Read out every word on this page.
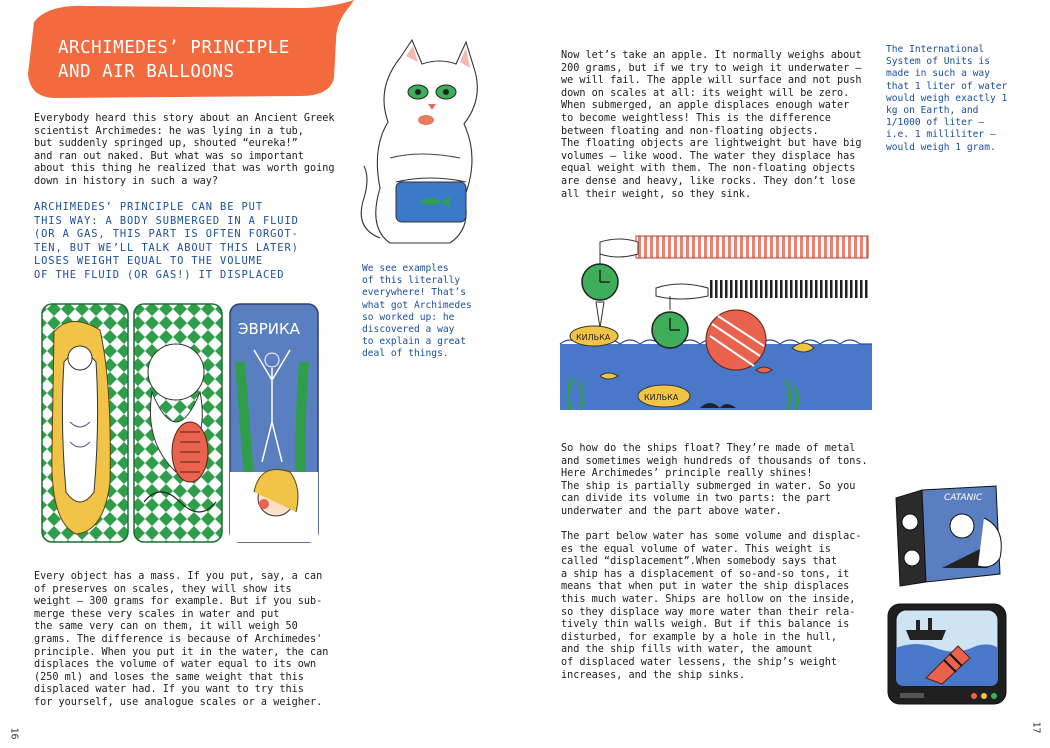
ARCHIMEDES’ PRINCIPLE
AND AIR BALLOONS
Everybody heard this story about an Ancient Greek
scientist Archimedes: he was lying in a tub,
but suddenly springed up, shouted “eureka!”
and ran out naked. But what was so important
about this thing he realized that was worth going
down in history in such a way?
ARCHIMEDES’ PRINCIPLE CAN BE PUT
THIS WAY: A BODY SUBMERGED IN A FLUID
(OR A GAS, THIS PART IS OFTEN FORGOT-
TEN, BUT WE’LL TALK ABOUT THIS LATER)
LOSES WEIGHT EQUAL TO THE VOLUME
OF THE FLUID (OR GAS!) IT DISPLACED
We see examples
of this literally
everywhere! That’s
what got Archimedes
so worked up: he
discovered a way
to explain a great
deal of things.
ЭВРИКА
Every object has a mass. If you put, say, a can
of preserves on scales, they will show its
weight – 300 grams for example. But if you sub-
merge these very scales in water and put
the same very can on them, it will weigh 50
grams. The difference is because of Archimedes'
principle. When you put it in the water, the can
displaces the volume of water equal to its own
(250 ml) and loses the same weight that this
displaced water had. If you want to try this
for yourself, use analogue scales or a weigher.
16
Now let’s take an apple. It normally weighs about
200 grams, but if we try to weigh it underwater –
we will fail. The apple will surface and not push
down on scales at all: its weight will be zero.
When submerged, an apple displaces enough water
to become weightless! This is the difference
between floating and non-floating objects.
The floating objects are lightweight but have big
volumes – like wood. The water they displace has
equal weight with them. The non-floating objects
are dense and heavy, like rocks. They don’t lose
all their weight, so they sink.
The International
System of Units is
made in such a way
that 1 liter of water
would weigh exactly 1
kg on Earth, and
1/1000 of liter –
i.e. 1 milliliter –
would weigh 1 gram.
КИЛЬКА
КИЛЬКА
So how do the ships float? They’re made of metal
and sometimes weigh hundreds of thousands of tons.
Here Archimedes’ principle really shines!
The ship is partially submerged in water. So you
can divide its volume in two parts: the part
underwater and the part above water.
The part below water has some volume and displac-
es the equal volume of water. This weight is
called “displacement”.When somebody says that
a ship has a displacement of so-and-so tons, it
means that when put in water the ship displaces
this much water. Ships are hollow on the inside,
so they displace way more water than their rela-
tively thin walls weigh. But if this balance is
disturbed, for example by a hole in the hull,
and the ship fills with water, the amount
of displaced water lessens, the ship’s weight
increases, and the ship sinks.
CATANIC
17
